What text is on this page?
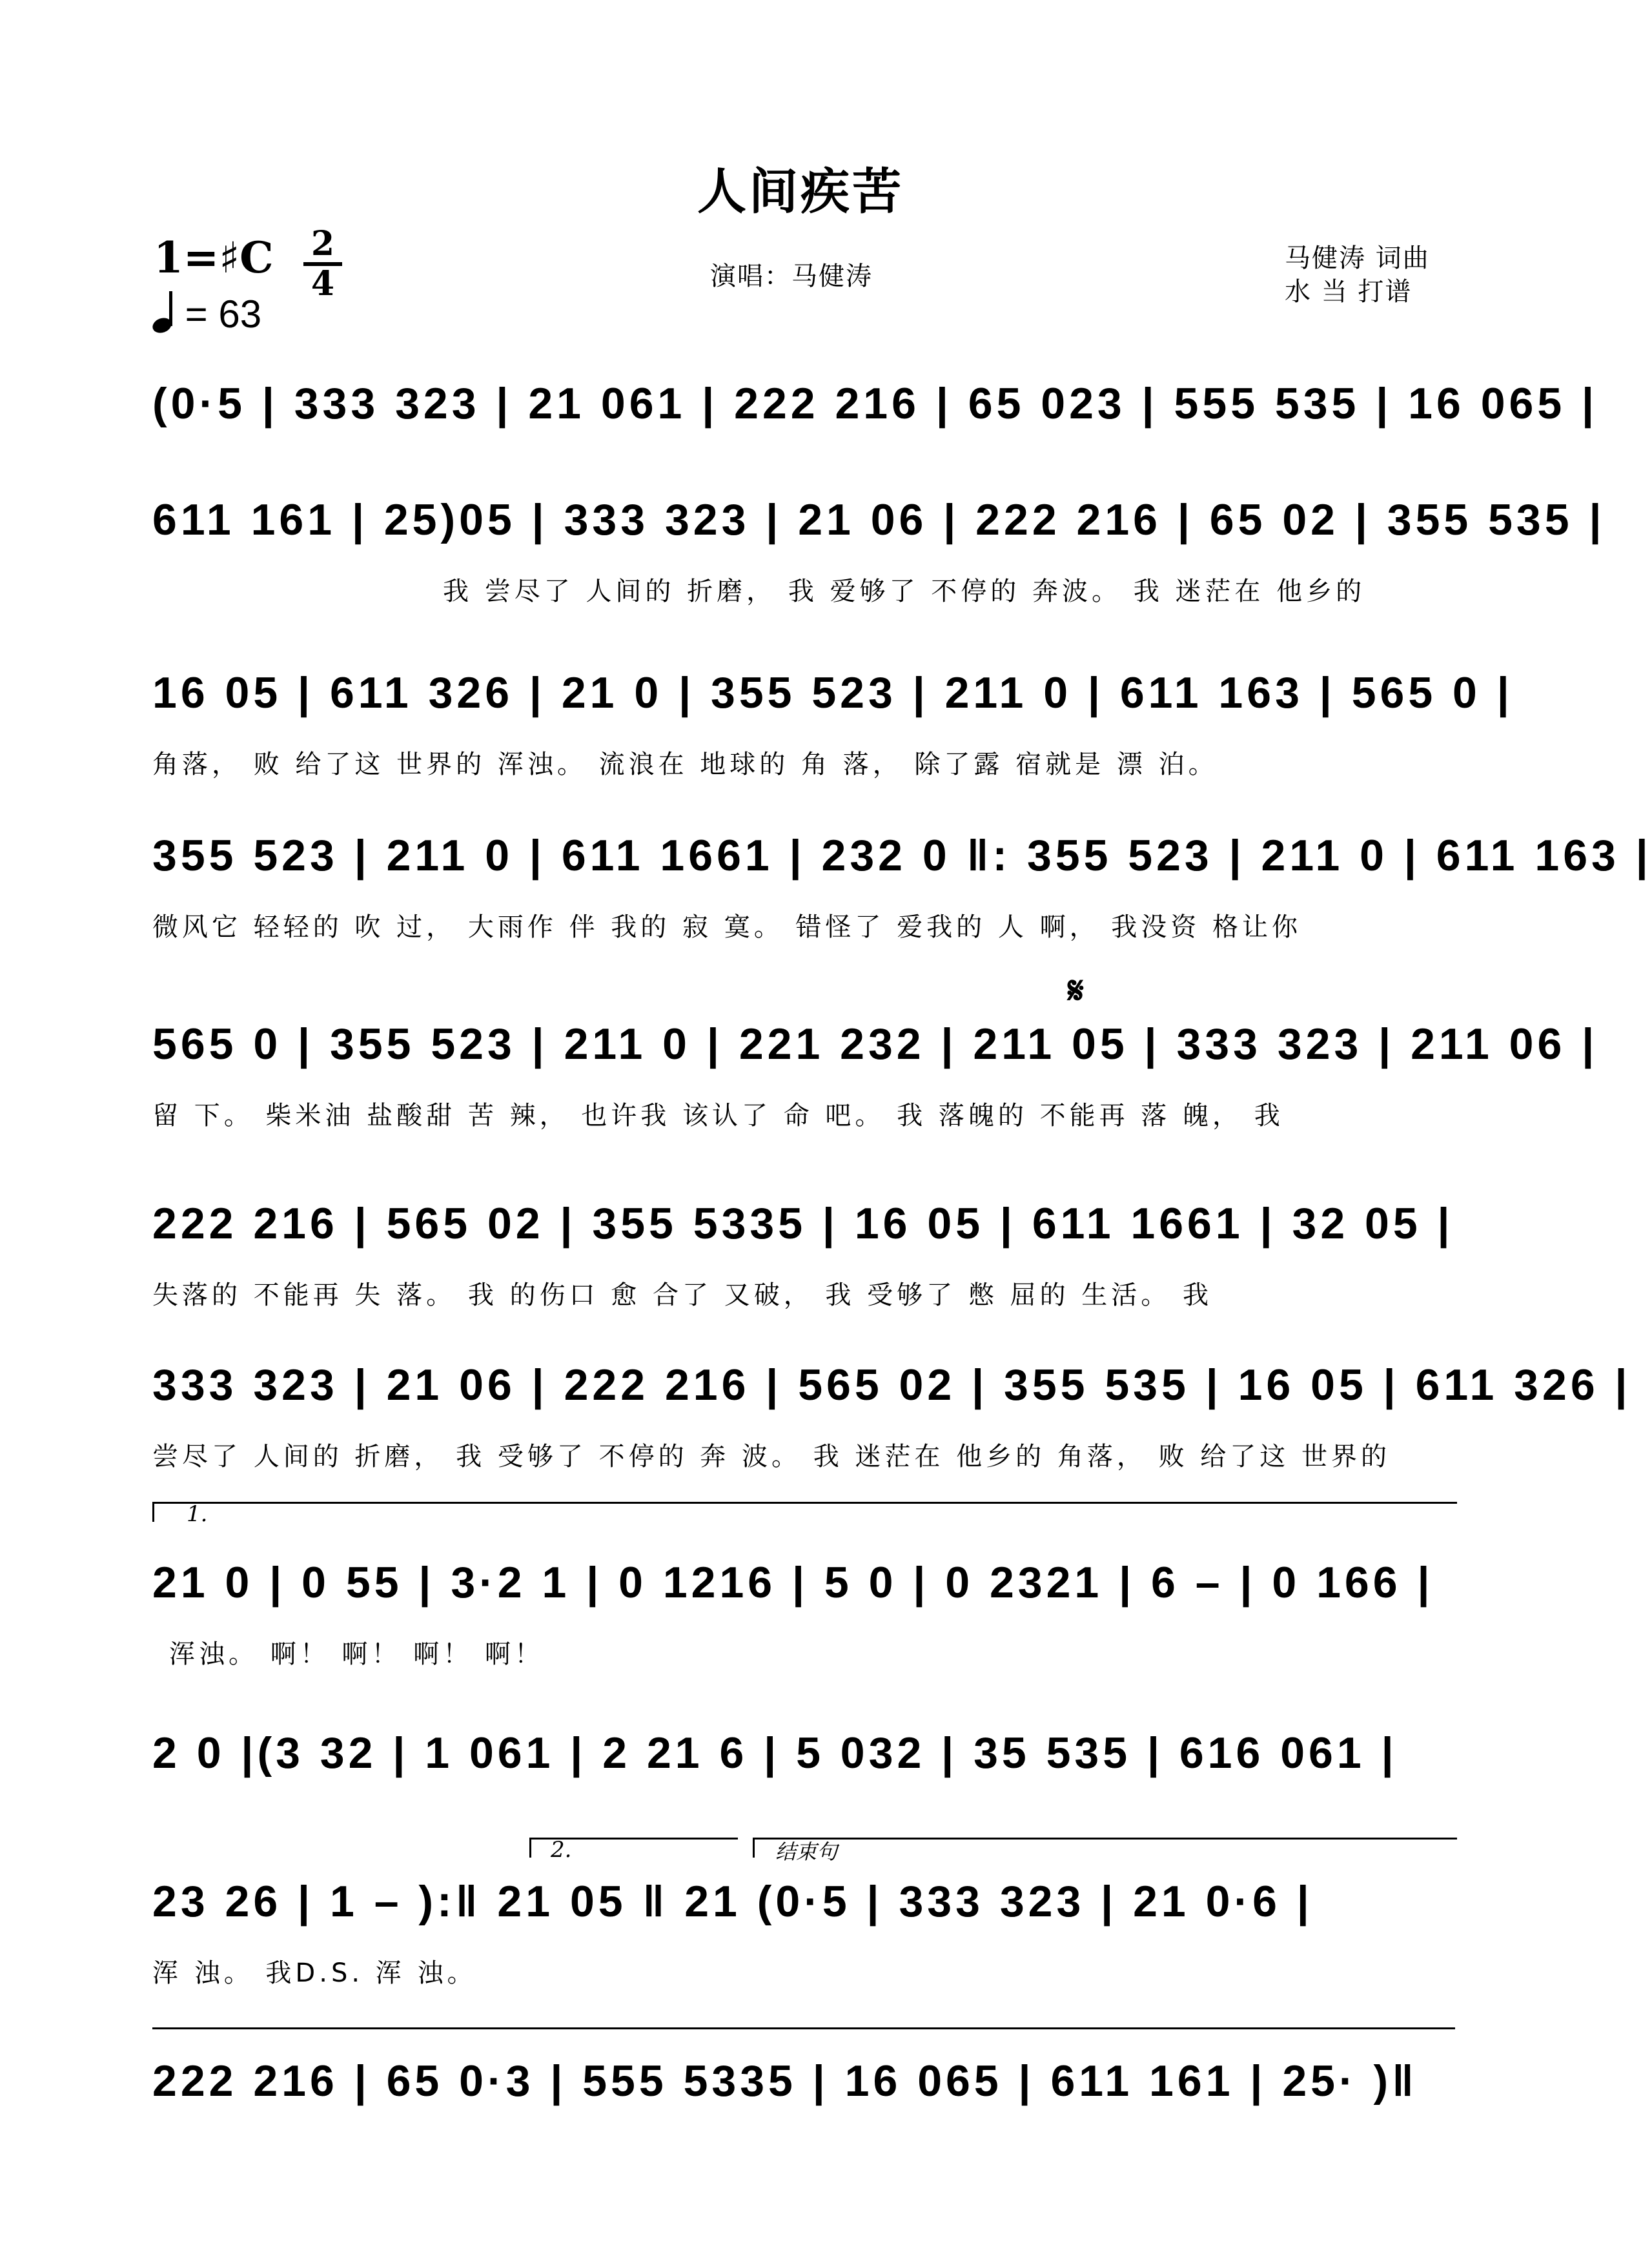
人间疾苦
1=♯C 2
4
= 63
演唱：马健涛
马健涛 词曲
水 当 打谱
(0·5 | 333 323 | 21 061 | 222 216 | 65 023 | 555 535 | 16 065 |
611 161 | 25)05 | 333 323 | 21 06 | 222 216 | 65 02 | 355 535 |
我 尝尽了 人间的 折磨， 我 爱够了 不停的 奔波。 我 迷茫在 他乡的
16 05 | 611 326 | 21 0 | 355 523 | 211 0 | 611 163 | 565 0 |
角落， 败 给了这 世界的 浑浊。 流浪在 地球的 角 落， 除了露 宿就是 漂 泊。
355 523 | 211 0 | 611 1661 | 232 0 ‖: 355 523 | 211 0 | 611 163 |
微风它 轻轻的 吹 过， 大雨作 伴 我的 寂 寞。 错怪了 爱我的 人 啊， 我没资 格让你
𝄋
565 0 | 355 523 | 211 0 | 221 232 | 211 05 | 333 323 | 211 06 |
留 下。 柴米油 盐酸甜 苦 辣， 也许我 该认了 命 吧。 我 落魄的 不能再 落 魄， 我
222 216 | 565 02 | 355 5335 | 16 05 | 611 1661 | 32 05 |
失落的 不能再 失 落。 我 的伤口 愈 合了 又破， 我 受够了 憋 屈的 生活。 我
333 323 | 21 06 | 222 216 | 565 02 | 355 535 | 16 05 | 611 326 |
尝尽了 人间的 折磨， 我 受够了 不停的 奔 波。 我 迷茫在 他乡的 角落， 败 给了这 世界的
1.
21 0 | 0 55 | 3·2 1 | 0 1216 | 5 0 | 0 2321 | 6 – | 0 166 |
浑浊。 啊！ 啊！ 啊！ 啊！
2 0 |(3 32 | 1 061 | 2 21 6 | 5 032 | 35 535 | 616 061 |
2.	结束句
23 26 | 1 – ):‖ 21 05 ‖ 21 (0·5 | 333 323 | 21 0·6 |
浑 浊。 我D.S. 浑 浊。
222 216 | 65 0·3 | 555 5335 | 16 065 | 611 161 | 25· )‖
